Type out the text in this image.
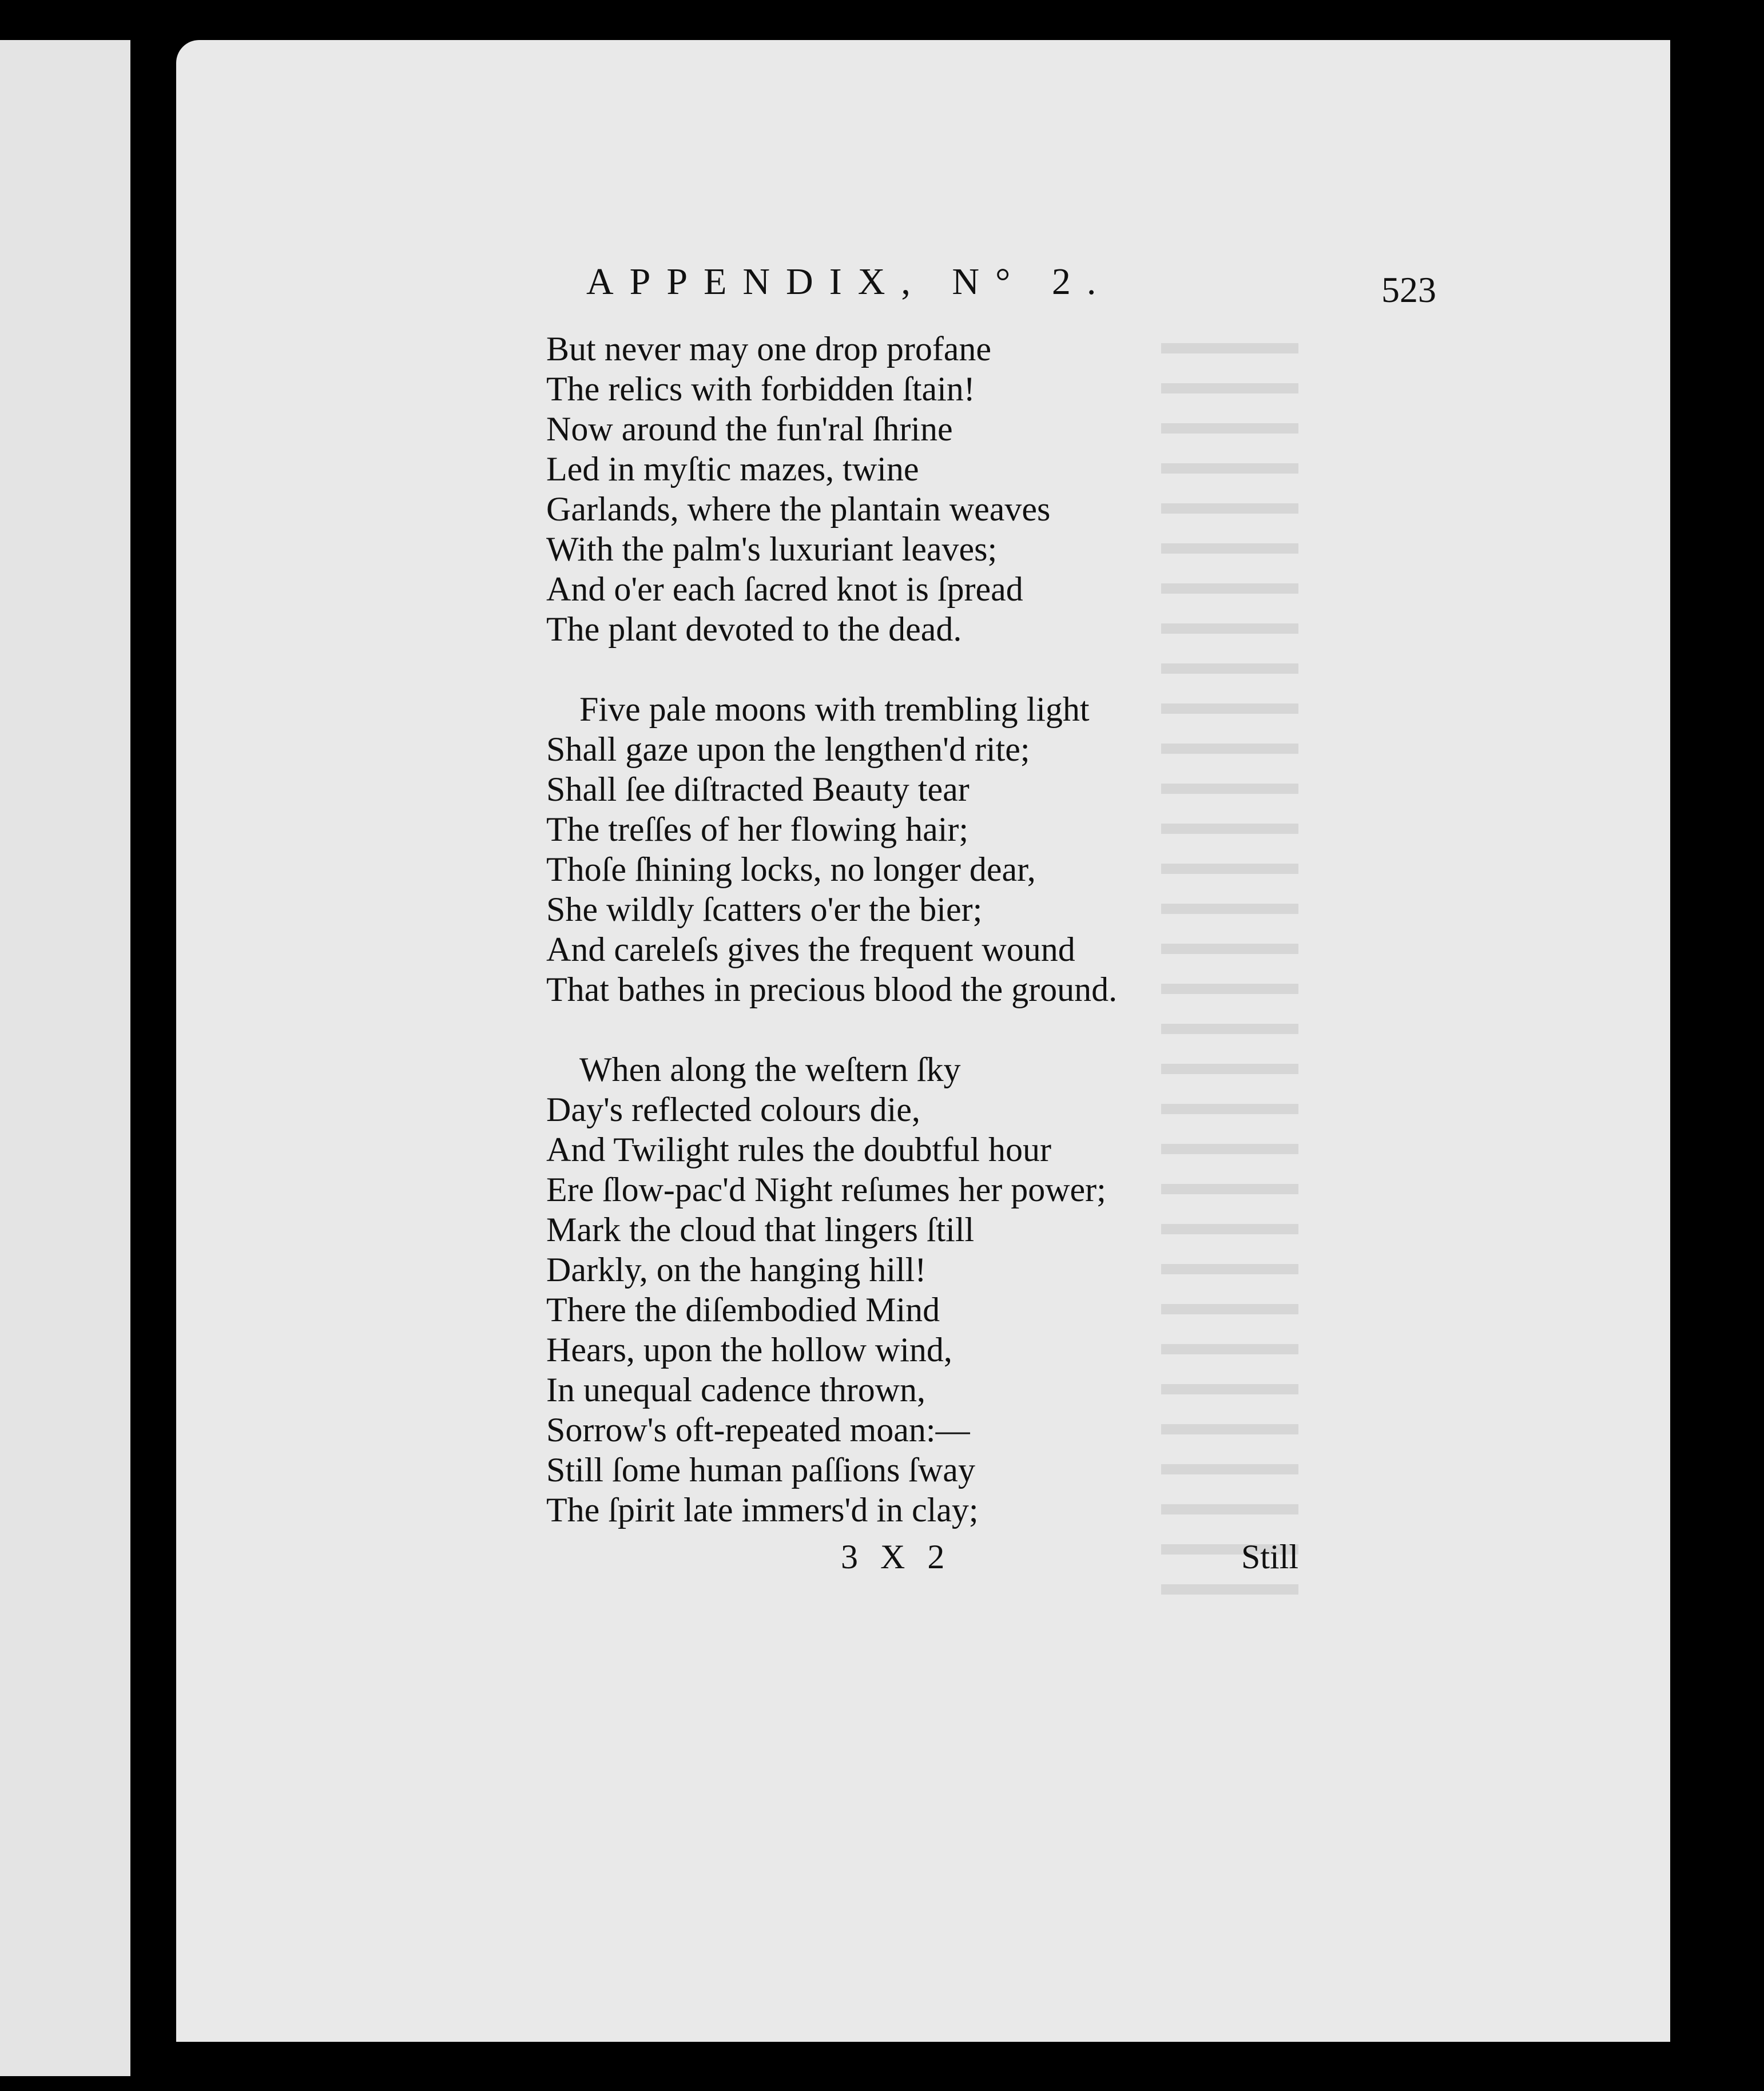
APPENDIX, N° 2.	523
But never may one drop profane
The relics with forbidden ſtain!
Now around the fun'ral ſhrine
Led in myſtic mazes, twine
Garlands, where the plantain weaves
With the palm's luxuriant leaves;
And o'er each ſacred knot is ſpread
The plant devoted to the dead.
Five pale moons with trembling light
Shall gaze upon the lengthen'd rite;
Shall ſee diſtracted Beauty tear
The treſſes of her flowing hair;
Thoſe ſhining locks, no longer dear,
She wildly ſcatters o'er the bier;
And careleſs gives the frequent wound
That bathes in precious blood the ground.
When along the weſtern ſky
Day's reflected colours die,
And Twilight rules the doubtful hour
Ere ſlow-pac'd Night reſumes her power;
Mark the cloud that lingers ſtill
Darkly, on the hanging hill!
There the diſembodied Mind
Hears, upon the hollow wind,
In unequal cadence thrown,
Sorrow's oft-repeated moan:—
Still ſome human paſſions ſway
The ſpirit late immers'd in clay;
3 X 2	Still
